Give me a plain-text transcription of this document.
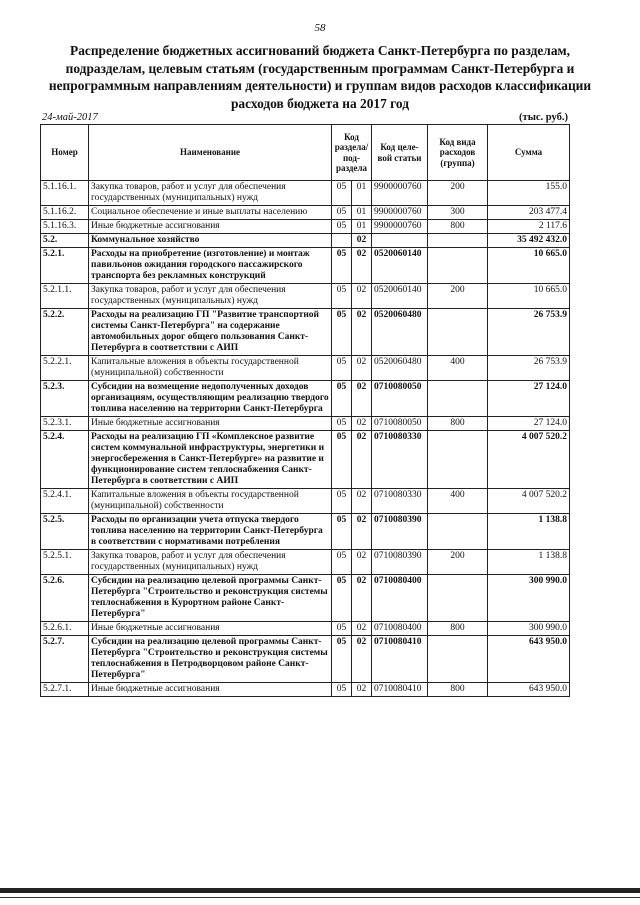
58
Распределение бюджетных ассигнований бюджета Санкт-Петербурга по разделам, подразделам, целевым статьям (государственным программам Санкт-Петербурга и непрограммным направлениям деятельности) и группам видов расходов классификации расходов бюджета на 2017 год
24-май-2017	(тыс. руб.)
Номер	Наименование	Код раздела/ под-раздела		Код целе-вой статьи	Код вида расходов (группа)	Сумма
5.1.16.1.	Закупка товаров, работ и услуг для обеспечения государственных (муниципальных) нужд	05	01	9900000760	200	155.0
5.1.16.2.	Социальное обеспечение и иные выплаты населению	05	01	9900000760	300	203 477.4
5.1.16.3.	Иные бюджетные ассигнования	05	01	9900000760	800	2 117.6
5.2.	Коммунальное хозяйство		02			35 492 432.0
5.2.1.	Расходы на приобретение (изготовление) и монтаж павильонов ожидания городского пассажирского транспорта без рекламных конструкций	05	02	0520060140		10 665.0
5.2.1.1.	Закупка товаров, работ и услуг для обеспечения государственных (муниципальных) нужд	05	02	0520060140	200	10 665.0
5.2.2.	Расходы на реализацию ГП "Развитие транспортной системы Санкт-Петербурга" на содержание автомобильных дорог общего пользования Санкт-Петербурга в соответствии с АИП	05	02	0520060480		26 753.9
5.2.2.1.	Капитальные вложения в объекты государственной (муниципальной) собственности	05	02	0520060480	400	26 753.9
5.2.3.	Субсидии на возмещение недополученных доходов организациям, осуществляющим реализацию твердого топлива населению на территории Санкт-Петербурга	05	02	0710080050		27 124.0
5.2.3.1.	Иные бюджетные ассигнования	05	02	0710080050	800	27 124.0
5.2.4.	Расходы на реализацию ГП «Комплексное развитие систем коммунальной инфраструктуры, энергетики и энергосбережения в Санкт-Петербурге» на развитие и функционирование систем теплоснабжения Санкт-Петербурга в соответствии с АИП	05	02	0710080330		4 007 520.2
5.2.4.1.	Капитальные вложения в объекты государственной (муниципальной) собственности	05	02	0710080330	400	4 007 520.2
5.2.5.	Расходы по организации учета отпуска твердого топлива населению на территории Санкт-Петербурга в соответствии с нормативами потребления	05	02	0710080390		1 138.8
5.2.5.1.	Закупка товаров, работ и услуг для обеспечения государственных (муниципальных) нужд	05	02	0710080390	200	1 138.8
5.2.6.	Субсидии на реализацию целевой программы Санкт-Петербурга "Строительство и реконструкция системы теплоснабжения в Курортном районе Санкт-Петербурга"	05	02	0710080400		300 990.0
5.2.6.1.	Иные бюджетные ассигнования	05	02	0710080400	800	300 990.0
5.2.7.	Субсидии на реализацию целевой программы Санкт-Петербурга "Строительство и реконструкция системы теплоснабжения в Петродворцовом районе Санкт-Петербурга"	05	02	0710080410		643 950.0
5.2.7.1.	Иные бюджетные ассигнования	05	02	0710080410	800	643 950.0
